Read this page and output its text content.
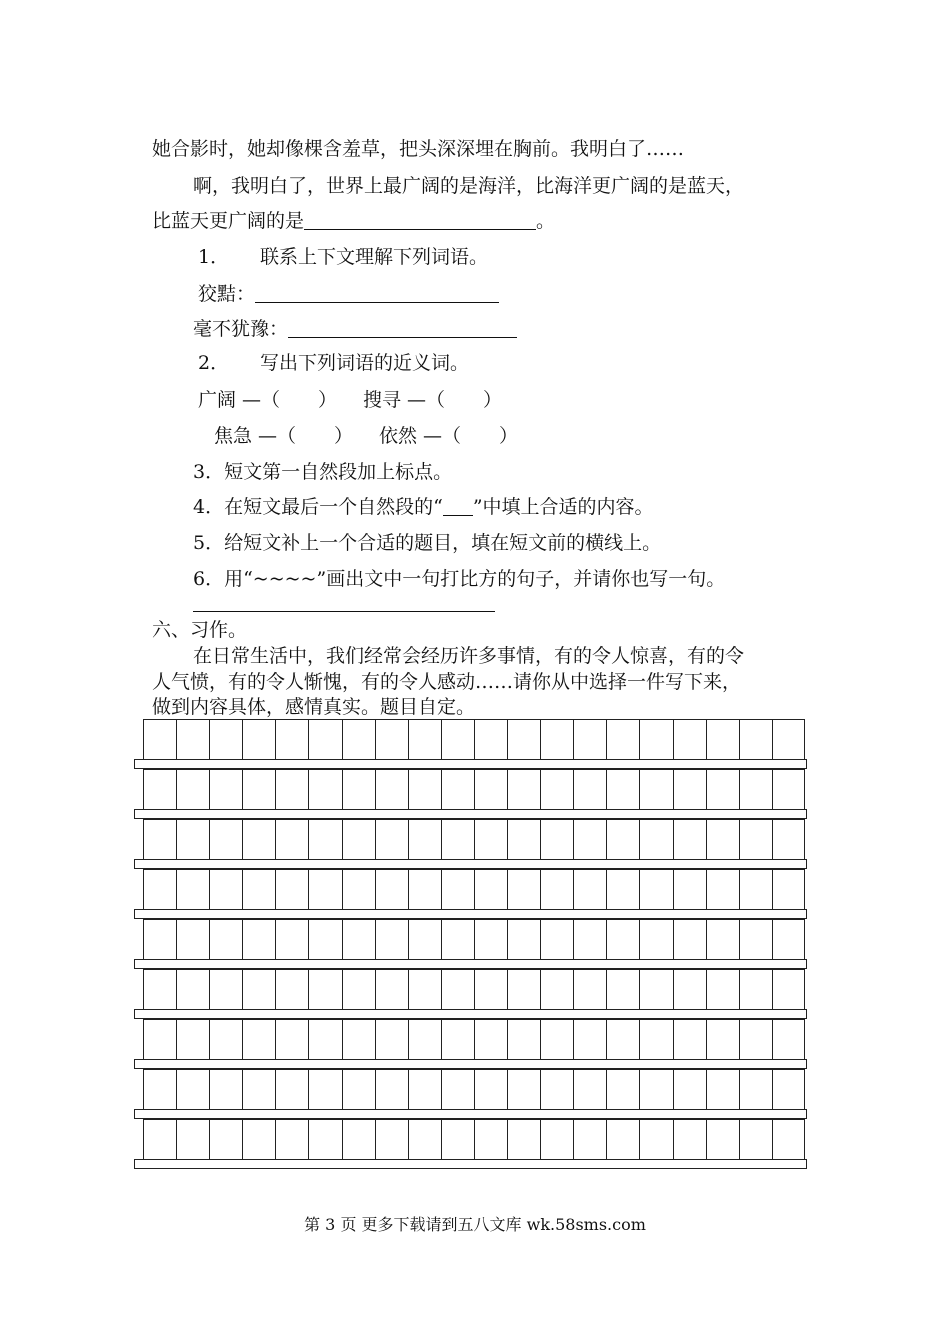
她合影时，她却像棵含羞草，把头深深埋在胸前。我明白了……
啊，我明白了，世界上最广阔的是海洋，比海洋更广阔的是蓝天，
比蓝天更广阔的是	。
1． 联系上下文理解下列词语。
狡黠：
毫不犹豫：
2． 写出下列词语的近义词。
广阔 —（　　） 搜寻 —（　　）
焦急 —（　　） 依然 —（　　）
3．短文第一自然段加上标点。
4．在短文最后一个自然段的“ ”中填上合适的内容。
5．给短文补上一个合适的题目，填在短文前的横线上。
6．用“~~~~”画出文中一句打比方的句子，并请你也写一句。
六、习作。
在日常生活中，我们经常会经历许多事情，有的令人惊喜，有的令
人气愤，有的令人惭愧，有的令人感动……请你从中选择一件写下来，
做到内容具体，感情真实。题目自定。
第 3 页 更多下载请到五八文库 wk.58sms.com
